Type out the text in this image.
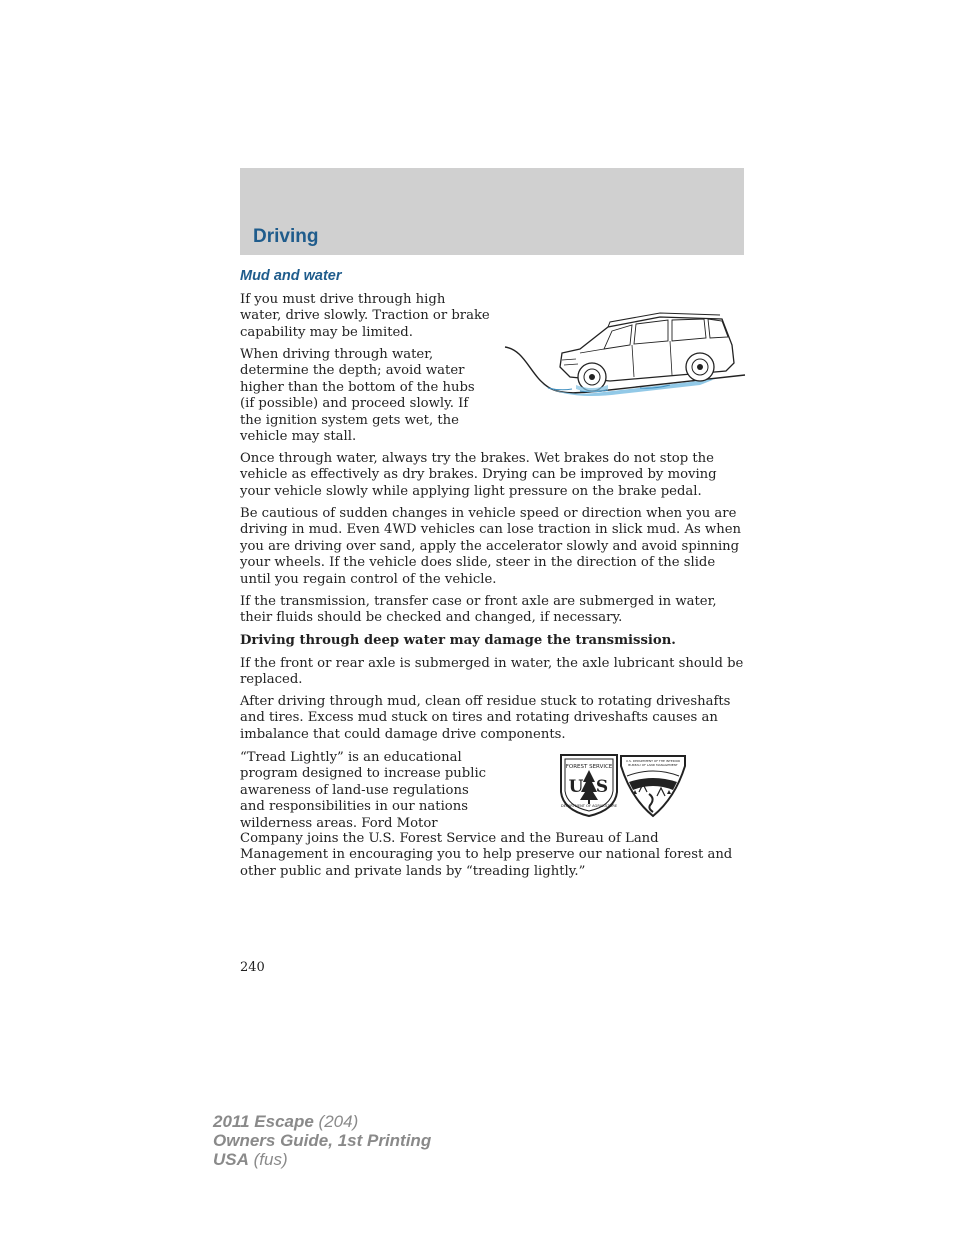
Driving
Mud and water

If you must drive through high water, drive slowly. Traction or brake capability may be limited.

When driving through water, determine the depth; avoid water higher than the bottom of the hubs (if possible) and proceed slowly. If the ignition system gets wet, the vehicle may stall.

Once through water, always try the brakes. Wet brakes do not stop the vehicle as effectively as dry brakes. Drying can be improved by moving your vehicle slowly while applying light pressure on the brake pedal.

Be cautious of sudden changes in vehicle speed or direction when you are driving in mud. Even 4WD vehicles can lose traction in slick mud. As when you are driving over sand, apply the accelerator slowly and avoid spinning your wheels. If the vehicle does slide, steer in the direction of the slide until you regain control of the vehicle.

If the transmission, transfer case or front axle are submerged in water, their fluids should be checked and changed, if necessary.

Driving through deep water may damage the transmission.

If the front or rear axle is submerged in water, the axle lubricant should be replaced.

After driving through mud, clean off residue stuck to rotating driveshafts and tires. Excess mud stuck on tires and rotating driveshafts causes an imbalance that could damage drive components.

“Tread Lightly” is an educational program designed to increase public awareness of land-use regulations and responsibilities in our nations wilderness areas. Ford Motor

FOREST SERVICE
U S
DEPARTMENT OF AGRICULTURE
U.S. DEPARTMENT OF THE INTERIOR
BUREAU OF LAND MANAGEMENT

Company joins the U.S. Forest Service and the Bureau of Land Management in encouraging you to help preserve our national forest and other public and private lands by “treading lightly.”

240
2011 Escape (204)
Owners Guide, 1st Printing
USA (fus)
